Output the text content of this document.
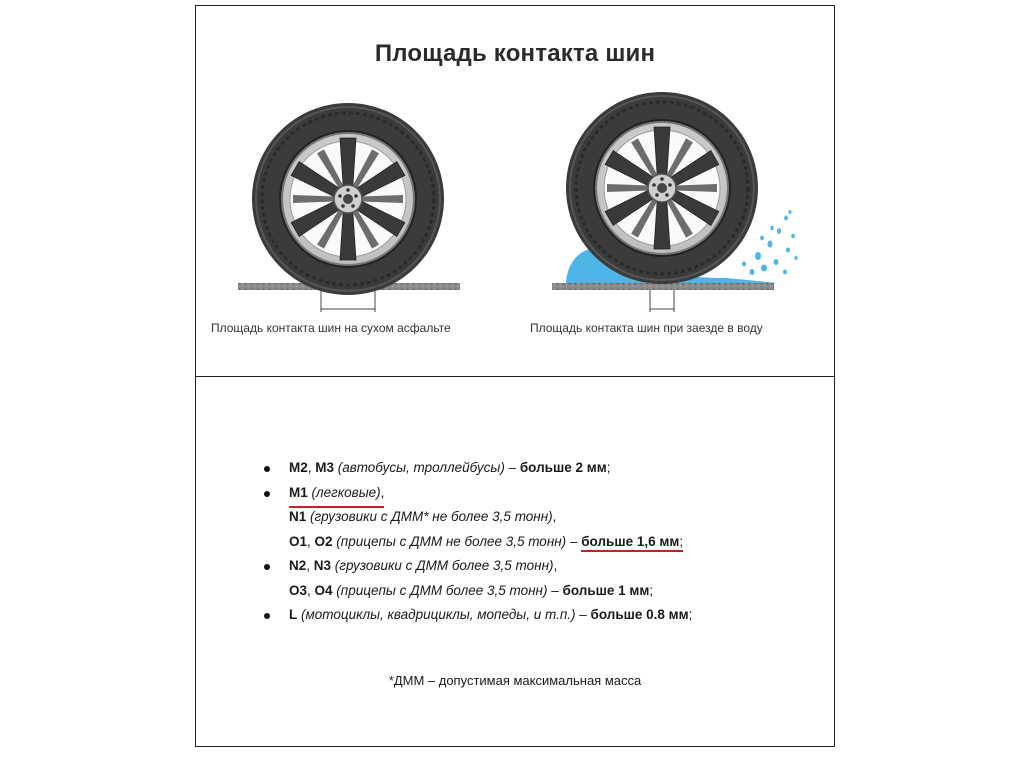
Площадь контакта шин
Площадь контакта шин на сухом асфальте	Площадь контакта шин при заезде в воду
M2, M3 (автобусы, троллейбусы) – больше 2 мм;
M1 (легковые),
N1 (грузовики с ДММ* не более 3,5 тонн),
O1, O2 (прицепы с ДММ не более 3,5 тонн) – больше 1,6 мм;
N2, N3 (грузовики с ДММ более 3,5 тонн),
O3, O4 (прицепы с ДММ более 3,5 тонн) – больше 1 мм;
L (мотоциклы, квадрициклы, мопеды, и т.п.) – больше 0.8 мм;
*ДММ – допустимая максимальная масса
